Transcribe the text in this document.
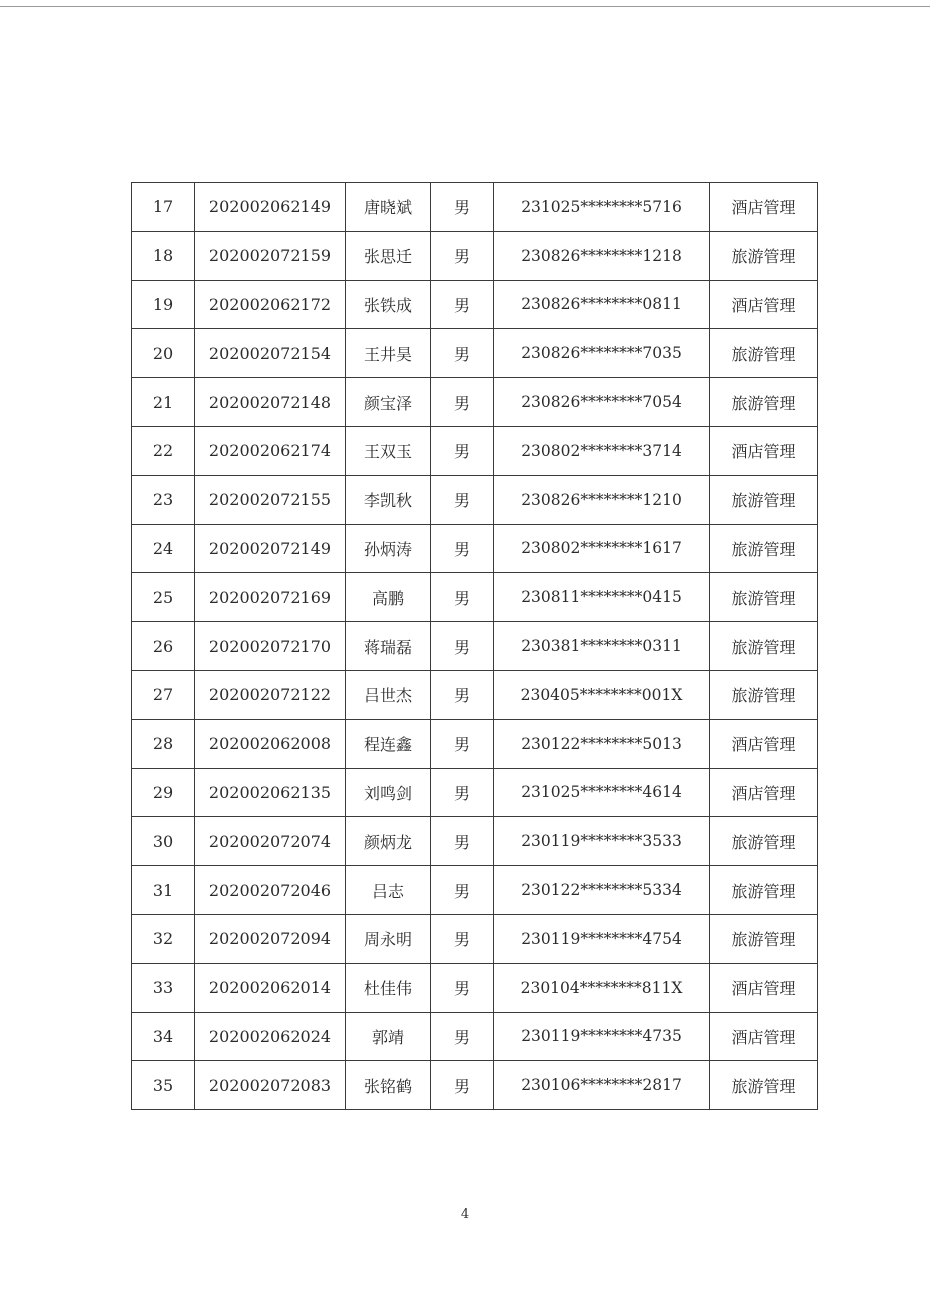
17	202002062149	唐晓斌	男	231025********5716	酒店管理
18	202002072159	张思迁	男	230826********1218	旅游管理
19	202002062172	张铁成	男	230826********0811	酒店管理
20	202002072154	王井昊	男	230826********7035	旅游管理
21	202002072148	颜宝泽	男	230826********7054	旅游管理
22	202002062174	王双玉	男	230802********3714	酒店管理
23	202002072155	李凯秋	男	230826********1210	旅游管理
24	202002072149	孙炳涛	男	230802********1617	旅游管理
25	202002072169	高鹏	男	230811********0415	旅游管理
26	202002072170	蒋瑞磊	男	230381********0311	旅游管理
27	202002072122	吕世杰	男	230405********001X	旅游管理
28	202002062008	程连鑫	男	230122********5013	酒店管理
29	202002062135	刘鸣剑	男	231025********4614	酒店管理
30	202002072074	颜炳龙	男	230119********3533	旅游管理
31	202002072046	吕志	男	230122********5334	旅游管理
32	202002072094	周永明	男	230119********4754	旅游管理
33	202002062014	杜佳伟	男	230104********811X	酒店管理
34	202002062024	郭靖	男	230119********4735	酒店管理
35	202002072083	张铭鹤	男	230106********2817	旅游管理
4
